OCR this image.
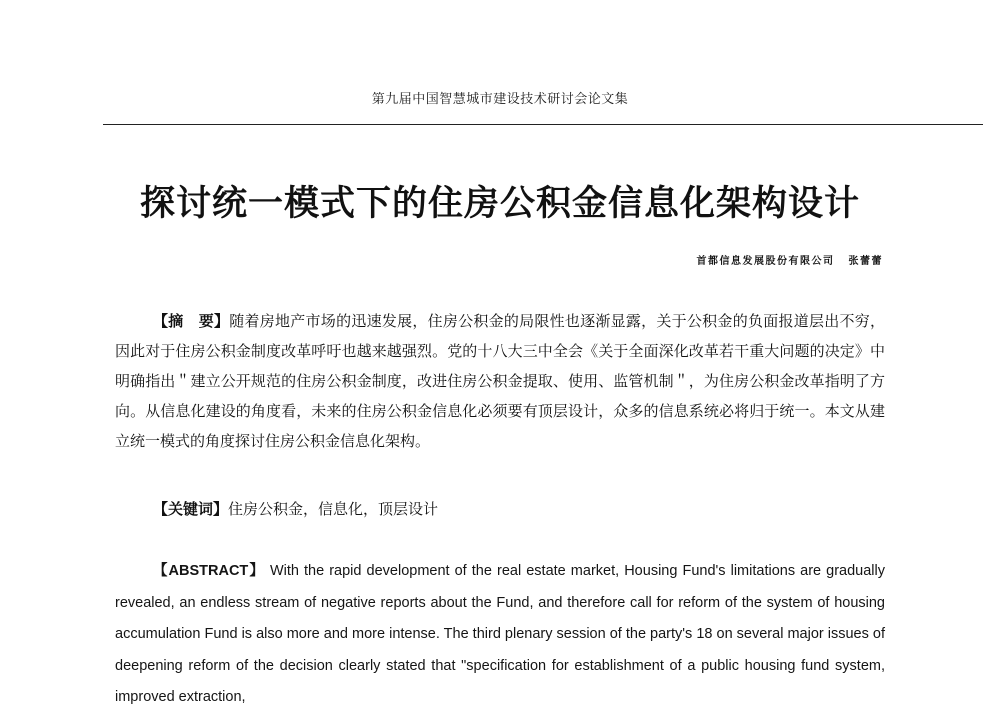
第九届中国智慧城市建设技术研讨会论文集
探讨统一模式下的住房公积金信息化架构设计
首都信息发展股份有限公司 张蕾蕾

【摘　要】随着房地产市场的迅速发展，住房公积金的局限性也逐渐显露，关于公积金的负面报道层出不穷，因此对于住房公积金制度改革呼吁也越来越强烈。党的十八大三中全会《关于全面深化改革若干重大问题的决定》中明确指出＂建立公开规范的住房公积金制度，改进住房公积金提取、使用、监管机制＂，为住房公积金改革指明了方向。从信息化建设的角度看，未来的住房公积金信息化必须要有顶层设计，众多的信息系统必将归于统一。本文从建立统一模式的角度探讨住房公积金信息化架构。

【关键词】住房公积金，信息化，顶层设计

【ABSTRACT】 With the rapid development of the real estate market, Housing Fund's limitations are gradually revealed, an endless stream of negative reports about the Fund, and therefore call for reform of the system of housing accumulation Fund is also more and more intense. The third plenary session of the party's 18 on several major issues of deepening reform of the decision clearly stated that "specification for establishment of a public housing fund system, improved extraction,
